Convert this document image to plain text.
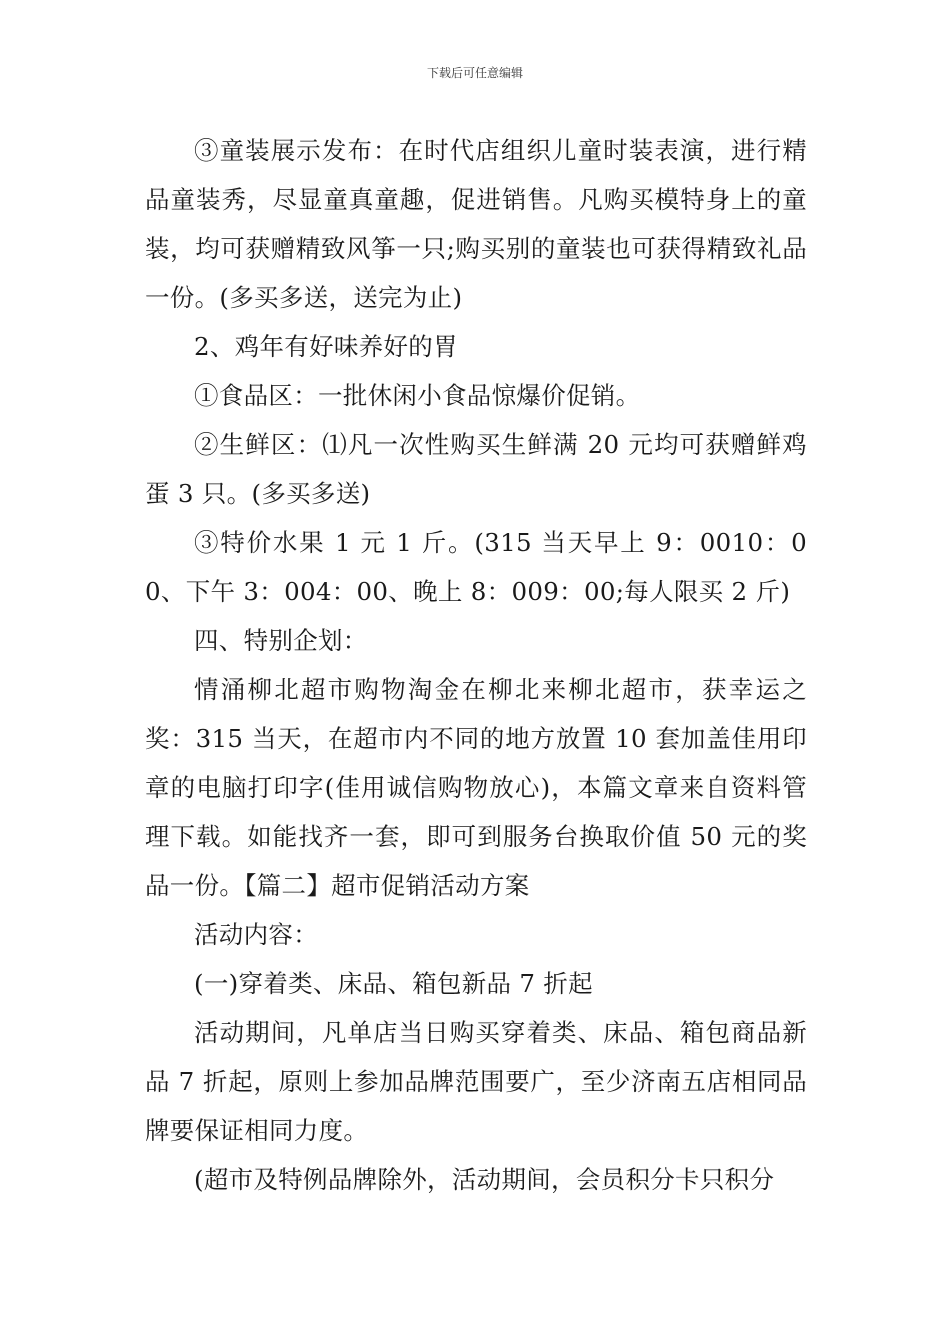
下载后可任意编辑

③童装展示发布：在时代店组织儿童时装表演，进行精品童装秀，尽显童真童趣，促进销售。凡购买模特身上的童装，均可获赠精致风筝一只;购买别的童装也可获得精致礼品一份。(多买多送，送完为止)

2、鸡年有好味养好的胃

①食品区：一批休闲小食品惊爆价促销。

②生鲜区：⑴凡一次性购买生鲜满 20 元均可获赠鲜鸡蛋 3 只。(多买多送)

③特价水果 1 元 1 斤。(315 当天早上 9：0010：00、下午 3：004：00、晚上 8：009：00;每人限买 2 斤)

四、特别企划：

情涌柳北超市购物淘金在柳北来柳北超市，获幸运之奖：315 当天，在超市内不同的地方放置 10 套加盖佳用印章的电脑打印字(佳用诚信购物放心)，本篇文章来自资料管理下载。如能找齐一套，即可到服务台换取价值 50 元的奖品一份。【篇二】超市促销活动方案

活动内容：

(一)穿着类、床品、箱包新品 7 折起

活动期间，凡单店当日购买穿着类、床品、箱包商品新品 7 折起，原则上参加品牌范围要广，至少济南五店相同品牌要保证相同力度。

(超市及特例品牌除外，活动期间，会员积分卡只积分
